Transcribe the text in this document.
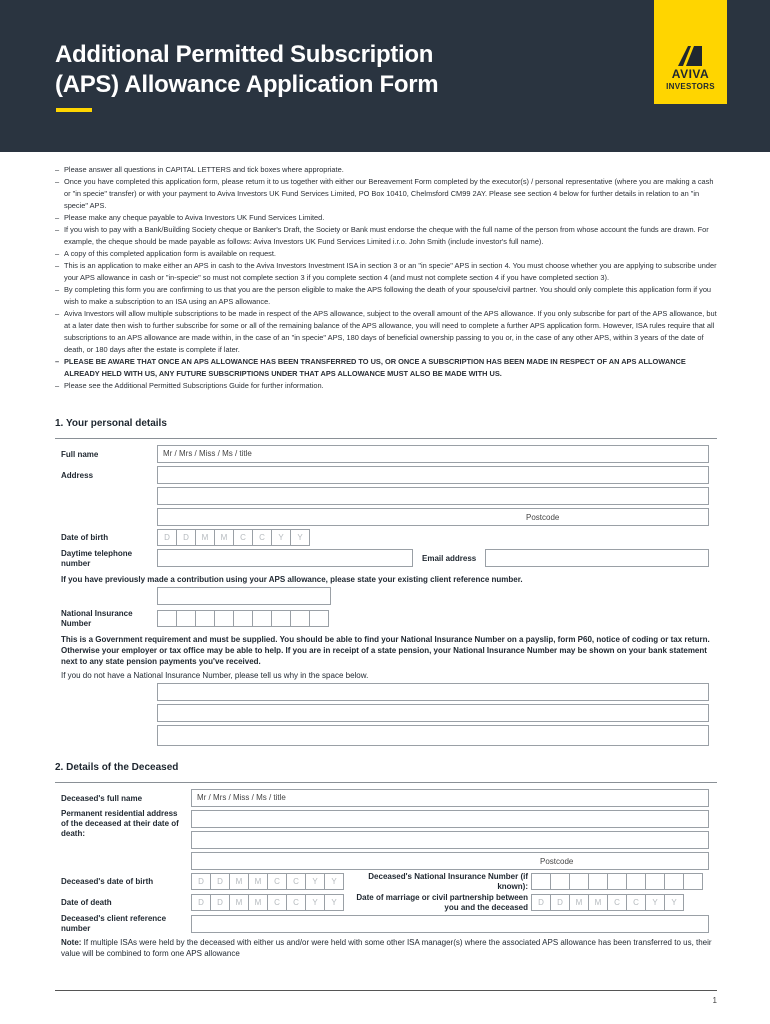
Additional Permitted Subscription
(APS) Allowance Application Form	AVIVA
INVESTORS
– Please answer all questions in CAPITAL LETTERS and tick boxes where appropriate.
– Once you have completed this application form, please return it to us together with either our Bereavement Form completed by the executor(s) / personal representative (where you are making a cash or "in specie" transfer) or with your payment to Aviva Investors UK Fund Services Limited, PO Box 10410, Chelmsford CM99 2AY. Please see section 4 below for further details in relation to an "in specie" APS.
– Please make any cheque payable to Aviva Investors UK Fund Services Limited.
– If you wish to pay with a Bank/Building Society cheque or Banker's Draft, the Society or Bank must endorse the cheque with the full name of the person from whose account the funds are drawn. For example, the cheque should be made payable as follows: Aviva Investors UK Fund Services Limited i.r.o. John Smith (include investor's full name).
– A copy of this completed application form is available on request.
– This is an application to make either an APS in cash to the Aviva Investors Investment ISA in section 3 or an "in specie" APS in section 4. You must choose whether you are applying to subscribe under your APS allowance in cash or "in-specie" so must not complete section 3 if you complete section 4 (and must not complete section 4 if you have completed section 3).
– By completing this form you are confirming to us that you are the person eligible to make the APS following the death of your spouse/civil partner. You should only complete this application form if you wish to make a subscription to an ISA using an APS allowance.
– Aviva Investors will allow multiple subscriptions to be made in respect of the APS allowance, subject to the overall amount of the APS allowance. If you only subscribe for part of the APS allowance, but at a later date then wish to further subscribe for some or all of the remaining balance of the APS allowance, you will need to complete a further APS application form. However, ISA rules require that all subscriptions to an APS allowance are made within, in the case of an "in specie" APS, 180 days of beneficial ownership passing to you or, in the case of any other APS, within 3 years of the date of death, or 180 days after the estate is complete if later.
– PLEASE BE AWARE THAT ONCE AN APS ALLOWANCE HAS BEEN TRANSFERRED TO US, OR ONCE A SUBSCRIPTION HAS BEEN MADE IN RESPECT OF AN APS ALLOWANCE ALREADY HELD WITH US, ANY FUTURE SUBSCRIPTIONS UNDER THAT APS ALLOWANCE MUST ALSO BE MADE WITH US.
– Please see the Additional Permitted Subscriptions Guide for further information.
1. Your personal details
Full name	Mr / Mrs / Miss / Ms / title
Address
Postcode
Date of birth	D	D	M	M	C	C	Y	Y
Daytime telephone number
Email address
If you have previously made a contribution using your APS allowance, please state your existing client reference number.
National Insurance Number
This is a Government requirement and must be supplied. You should be able to find your National Insurance Number on a payslip, form P60, notice of coding or tax return. Otherwise your employer or tax office may be able to help. If you are in receipt of a state pension, your National Insurance Number may be shown on your bank statement next to any state pension payments you've received.
If you do not have a National Insurance Number, please tell us why in the space below.
2. Details of the Deceased
Deceased's full name	Mr / Mrs / Miss / Ms / title
Permanent residential address of the deceased at their date of death:
Postcode
Deceased's date of birth	D	D	M	M	C	C	Y	Y
Deceased's National Insurance Number (if known):
Date of death	D	D	M	M	C	C	Y	Y
Date of marriage or civil partnership between you and the deceased
D	D	M	M	C	C	Y	Y
Deceased's client reference number
Note: If multiple ISAs were held by the deceased with either us and/or were held with some other ISA manager(s) where the associated APS allowance has been transferred to us, their value will be combined to form one APS allowance
1
